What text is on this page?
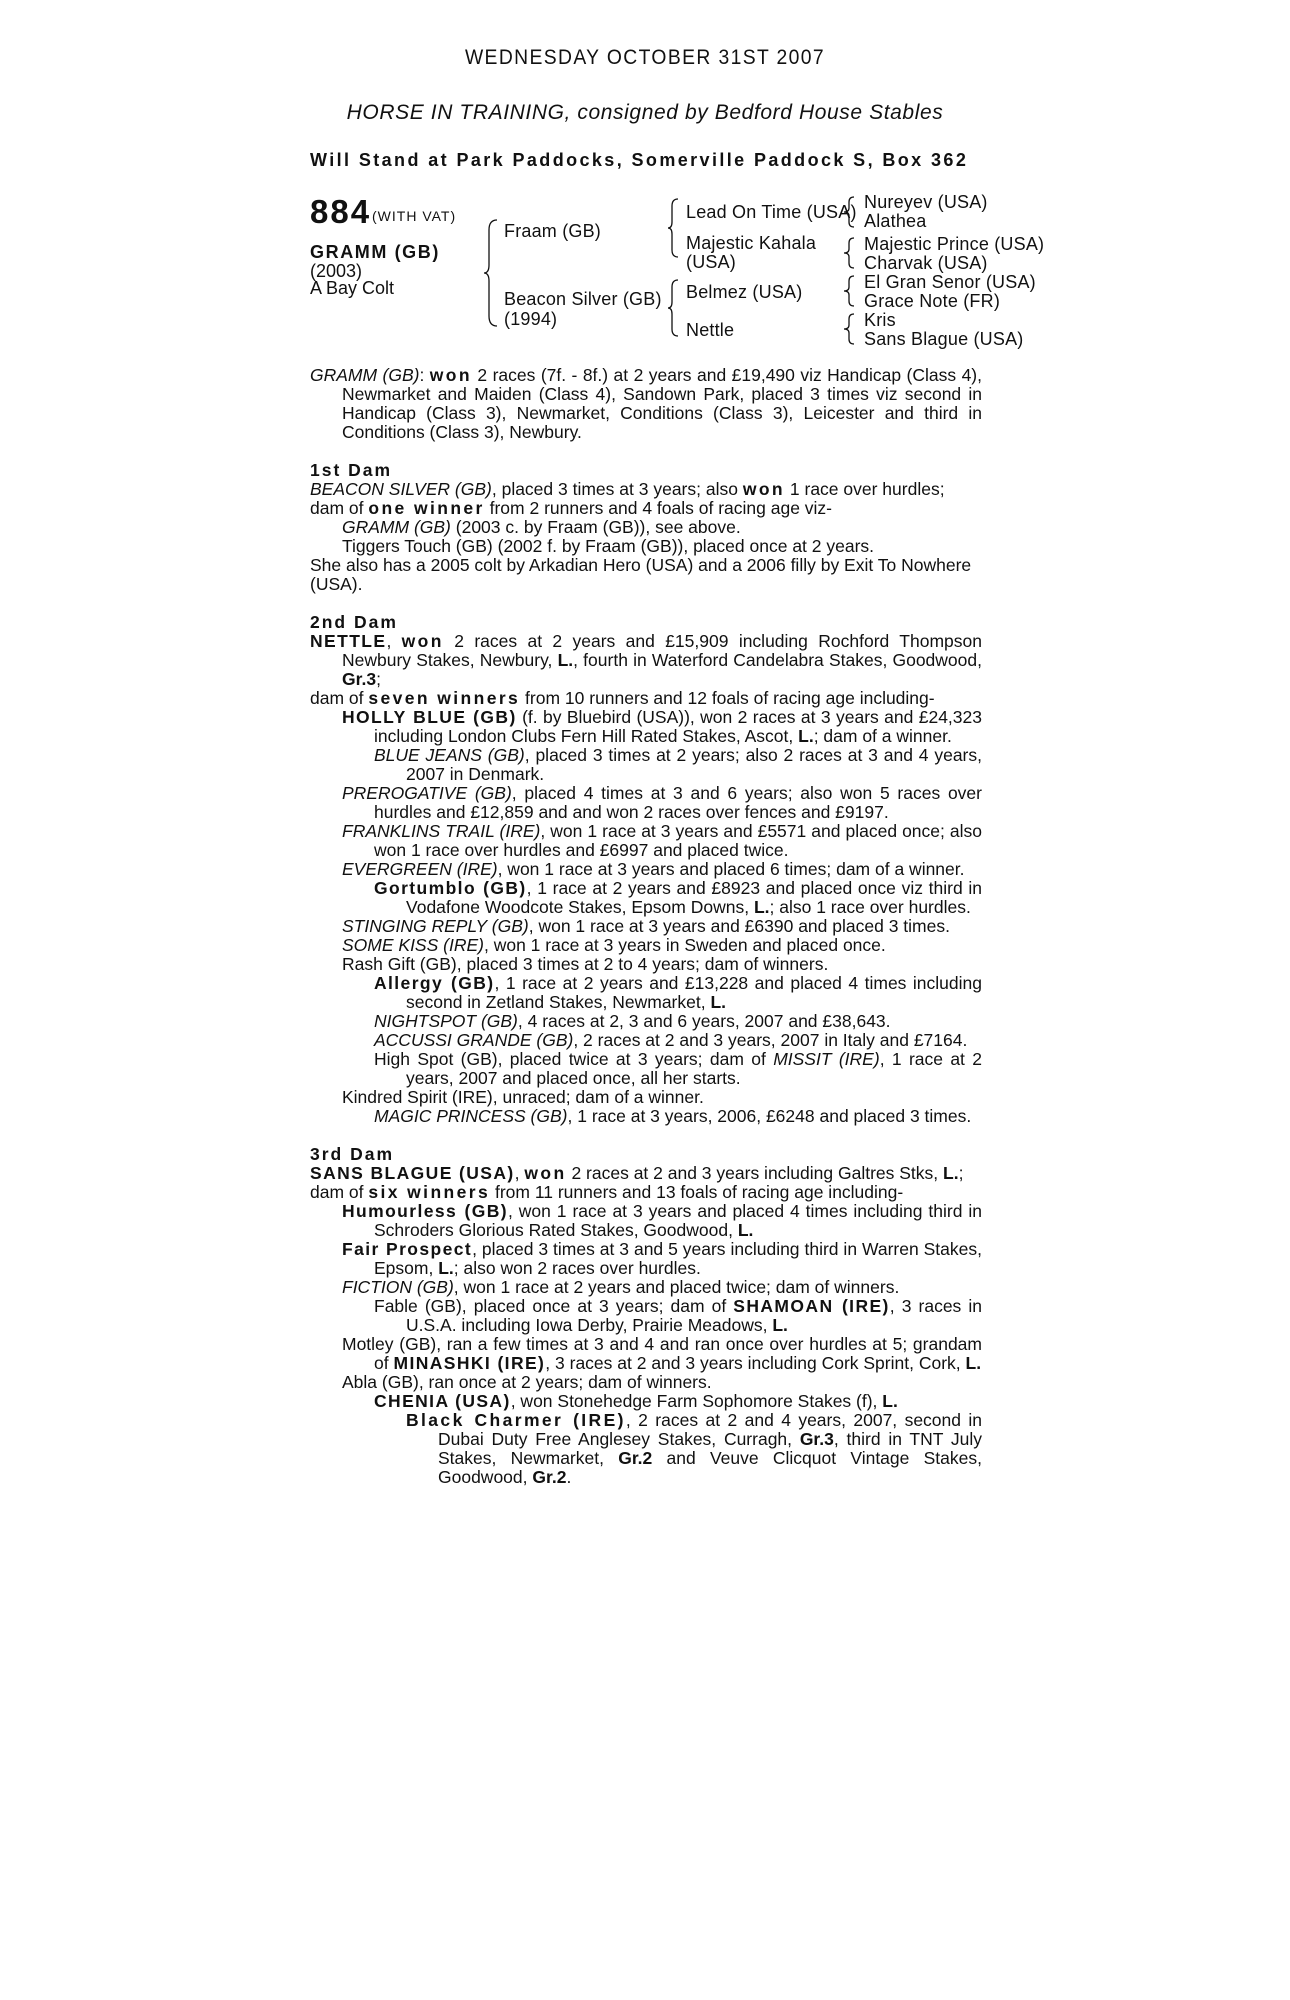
WEDNESDAY OCTOBER 31ST 2007
HORSE IN TRAINING, consigned by Bedford House Stables
Will Stand at Park Paddocks, Somerville Paddock S, Box 362
884 (WITH VAT)
GRAMM (GB)
(2003)
A Bay Colt
Fraam (GB)
Beacon Silver (GB)
(1994)
Lead On Time (USA)
Majestic Kahala
(USA)
Belmez (USA)
Nettle
Nureyev (USA)
Alathea
Majestic Prince (USA)
Charvak (USA)
El Gran Senor (USA)
Grace Note (FR)
Kris
Sans Blague (USA)

GRAMM (GB): won 2 races (7f. - 8f.) at 2 years and £19,490 viz Handicap (Class 4), Newmarket and Maiden (Class 4), Sandown Park, placed 3 times viz second in Handicap (Class 3), Newmarket, Conditions (Class 3), Leicester and third in Conditions (Class 3), Newbury.

1st Dam

BEACON SILVER (GB), placed 3 times at 3 years; also won 1 race over hurdles;

dam of one winner from 2 runners and 4 foals of racing age viz-

GRAMM (GB) (2003 c. by Fraam (GB)), see above.

Tiggers Touch (GB) (2002 f. by Fraam (GB)), placed once at 2 years.

She also has a 2005 colt by Arkadian Hero (USA) and a 2006 filly by Exit To Nowhere (USA).

2nd Dam

NETTLE, won 2 races at 2 years and £15,909 including Rochford Thompson Newbury Stakes, Newbury, L., fourth in Waterford Candelabra Stakes, Goodwood, Gr.3;

dam of seven winners from 10 runners and 12 foals of racing age including-

HOLLY BLUE (GB) (f. by Bluebird (USA)), won 2 races at 3 years and £24,323 including London Clubs Fern Hill Rated Stakes, Ascot, L.; dam of a winner.

BLUE JEANS (GB), placed 3 times at 2 years; also 2 races at 3 and 4 years, 2007 in Denmark.

PREROGATIVE (GB), placed 4 times at 3 and 6 years; also won 5 races over hurdles and £12,859 and and won 2 races over fences and £9197.

FRANKLINS TRAIL (IRE), won 1 race at 3 years and £5571 and placed once; also won 1 race over hurdles and £6997 and placed twice.

EVERGREEN (IRE), won 1 race at 3 years and placed 6 times; dam of a winner.

Gortumblo (GB), 1 race at 2 years and £8923 and placed once viz third in Vodafone Woodcote Stakes, Epsom Downs, L.; also 1 race over hurdles.

STINGING REPLY (GB), won 1 race at 3 years and £6390 and placed 3 times.

SOME KISS (IRE), won 1 race at 3 years in Sweden and placed once.

Rash Gift (GB), placed 3 times at 2 to 4 years; dam of winners.

Allergy (GB), 1 race at 2 years and £13,228 and placed 4 times including second in Zetland Stakes, Newmarket, L.

NIGHTSPOT (GB), 4 races at 2, 3 and 6 years, 2007 and £38,643.

ACCUSSI GRANDE (GB), 2 races at 2 and 3 years, 2007 in Italy and £7164.

High Spot (GB), placed twice at 3 years; dam of MISSIT (IRE), 1 race at 2 years, 2007 and placed once, all her starts.

Kindred Spirit (IRE), unraced; dam of a winner.

MAGIC PRINCESS (GB), 1 race at 3 years, 2006, £6248 and placed 3 times.

3rd Dam

SANS BLAGUE (USA), won 2 races at 2 and 3 years including Galtres Stks, L.;

dam of six winners from 11 runners and 13 foals of racing age including-

Humourless (GB), won 1 race at 3 years and placed 4 times including third in Schroders Glorious Rated Stakes, Goodwood, L.

Fair Prospect, placed 3 times at 3 and 5 years including third in Warren Stakes, Epsom, L.; also won 2 races over hurdles.

FICTION (GB), won 1 race at 2 years and placed twice; dam of winners.

Fable (GB), placed once at 3 years; dam of SHAMOAN (IRE), 3 races in U.S.A. including Iowa Derby, Prairie Meadows, L.

Motley (GB), ran a few times at 3 and 4 and ran once over hurdles at 5; grandam of MINASHKI (IRE), 3 races at 2 and 3 years including Cork Sprint, Cork, L.

Abla (GB), ran once at 2 years; dam of winners.

CHENIA (USA), won Stonehedge Farm Sophomore Stakes (f), L.

Black Charmer (IRE), 2 races at 2 and 4 years, 2007, second in Dubai Duty Free Anglesey Stakes, Curragh, Gr.3, third in TNT July Stakes, Newmarket, Gr.2 and Veuve Clicquot Vintage Stakes, Goodwood, Gr.2.
